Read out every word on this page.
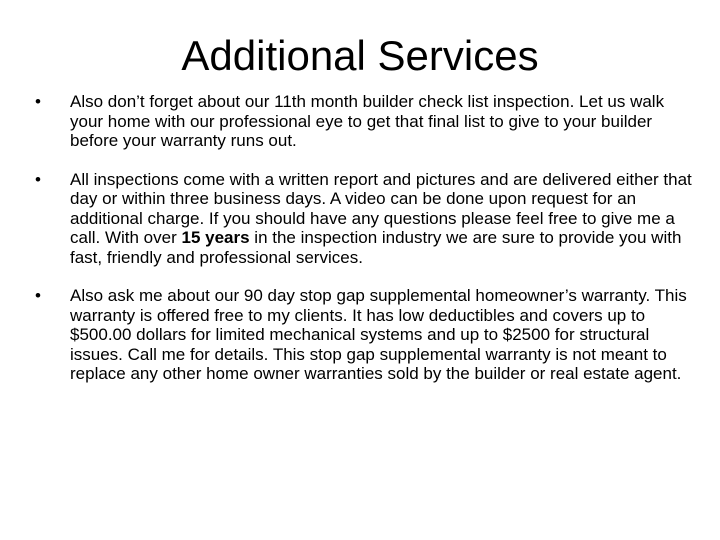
Additional Services
•	Also don’t forget about our 11th month builder check list inspection. Let us walk your home with our professional eye to get that final list to give to your builder before your warranty runs out.
•	All inspections come with a written report and pictures and are delivered either that day or within three business days. A video can be done upon request for an additional charge. If you should have any questions please feel free to give me a call. With over 15 years in the inspection industry we are sure to provide you with fast, friendly and professional services.
•	Also ask me about our 90 day stop gap supplemental homeowner’s warranty. This warranty is offered free to my clients. It has low deductibles and covers up to $500.00 dollars for limited mechanical systems and up to $2500 for structural issues. Call me for details. This stop gap supplemental warranty is not meant to replace any other home owner warranties sold by the builder or real estate agent.
